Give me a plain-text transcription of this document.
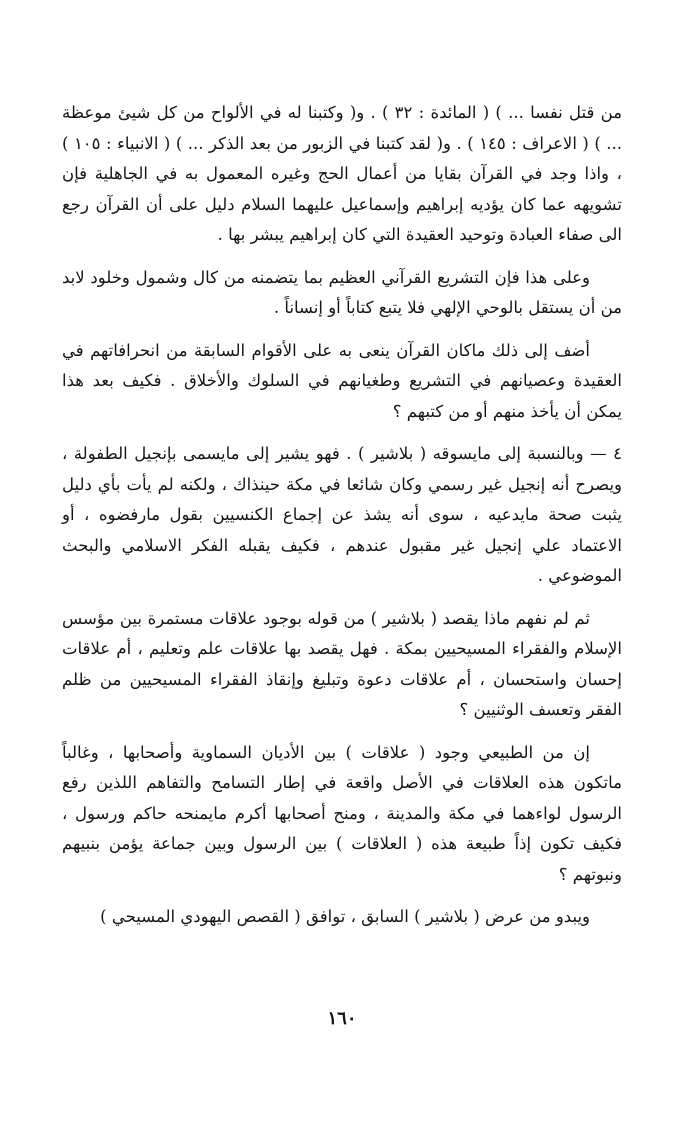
من قتل نفسا ... ) ( المائدة : ٣٢ ) . و( وكتبنا له في الألواح من كل شيئ موعظة ... ) ( الاعراف : ١٤٥ ) . و( لقد كتبنا في الزبور من بعد الذكر ... ) ( الانبياء : ١٠٥ ) ، واذا وجد في القرآن بقايا من أعمال الحج وغيره المعمول به في الجاهلية فإن تشويهه عما كان يؤديه إبراهيم وإسماعيل عليهما السلام دليل على أن القرآن رجع الى صفاء العبادة وتوحيد العقيدة التي كان إبراهيم يبشر بها .

وعلى هذا فإن التشريع القرآني العظيم بما يتضمنه من كال وشمول وخلود لابد من أن يستقل بالوحي الإلهي فلا يتبع كتاباً أو إنساناً .

أضف إلى ذلك ماكان القرآن ينعى به على الأقوام السابقة من انحرافاتهم في العقيدة وعصيانهم في التشريع وطغيانهم في السلوك والأخلاق . فكيف بعد هذا يمكن أن يأخذ منهم أو من كتبهم ؟

٤ — وبالنسبة إلى مايسوقه ( بلاشير ) . فهو يشير إلى مايسمى بإنجيل الطفولة ، ويصرح أنه إنجيل غير رسمي وكان شائعا في مكة حينذاك ، ولكنه لم يأت بأي دليل يثبت صحة مايدعيه ، سوى أنه يشذ عن إجماع الكنسيين بقول مارفضوه ، أو الاعتماد علي إنجيل غير مقبول عندهم ، فكيف يقبله الفكر الاسلامي والبحث الموضوعي .

ثم لم نفهم ماذا يقصد ( بلاشير ) من قوله بوجود علاقات مستمرة بين مؤسس الإسلام والفقراء المسيحيين بمكة . فهل يقصد بها علاقات علم وتعليم ، أم علاقات إحسان واستحسان ، أم علاقات دعوة وتبليغ وإنقاذ الفقراء المسيحيين من ظلم الفقر وتعسف الوثنيين ؟

إن من الطبيعي وجود ( علاقات ) بين الأديان السماوية وأصحابها ، وغالباً ماتكون هذه العلاقات في الأصل واقعة في إطار التسامح والتفاهم اللذين رفع الرسول لواءهما في مكة والمدينة ، ومنح أصحابها أكرم مايمنحه حاكم ورسول ، فكيف تكون إذاً طبيعة هذه ( العلاقات ) بين الرسول وبين جماعة يؤمن بنبيهم ونبوتهم ؟

ويبدو من عرض ( بلاشير ) السابق ، توافق ( القصص اليهودي المسيحي )

١٦٠
